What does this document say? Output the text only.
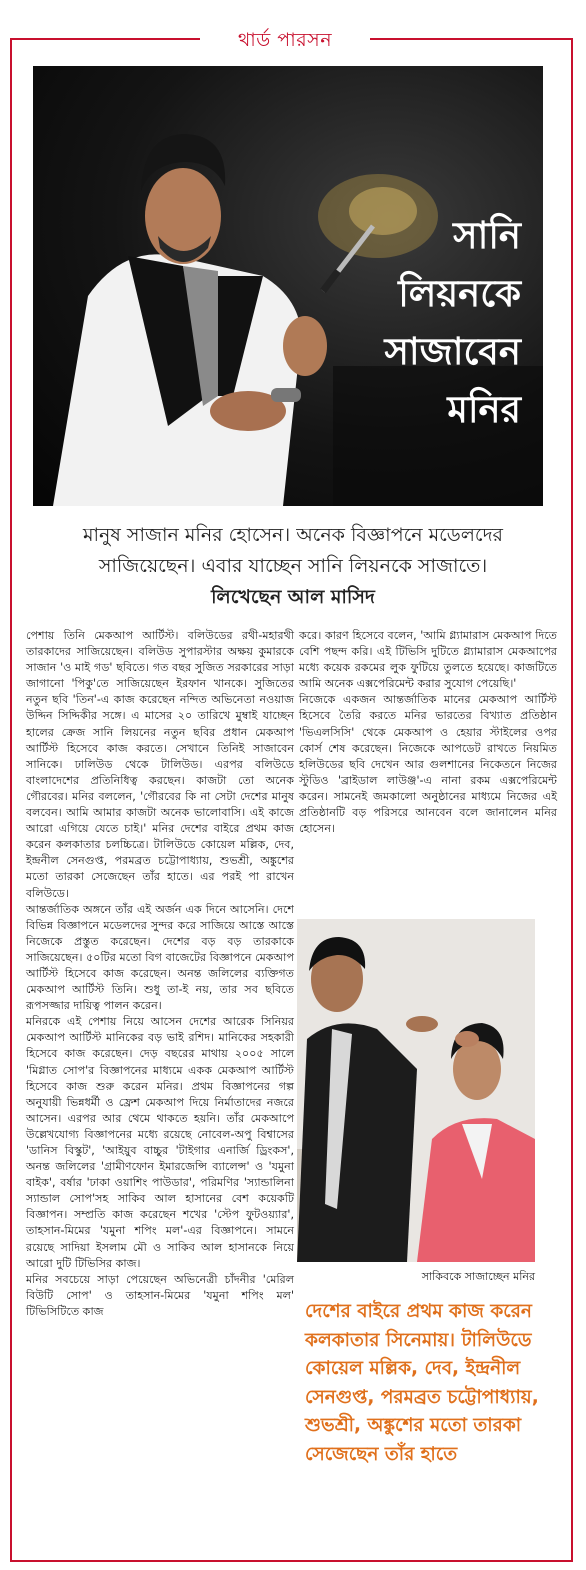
থার্ড পারসন
সানি
লিয়নকে
সাজাবেন
মনির
মানুষ সাজান মনির হোসেন। অনেক বিজ্ঞাপনে মডেলদের
সাজিয়েছেন। এবার যাচ্ছেন সানি লিয়নকে সাজাতে।
লিখেছেন আল মাসিদ

পেশায় তিনি মেকআপ আর্টিস্ট। বলিউডের রথী-মহারথী তারকাদের সাজিয়েছেন। বলিউড সুপারস্টার অক্ষয় কুমারকে সাজান 'ও মাই গড' ছবিতে। গত বছর সুজিত সরকারের সাড়া জাগানো 'পিকু'তে সাজিয়েছেন ইরফান খানকে। সুজিতের নতুন ছবি 'তিন'-এ কাজ করেছেন নন্দিত অভিনেতা নওয়াজ উদ্দিন সিদ্দিকীর সঙ্গে। এ মাসের ২০ তারিখে মুম্বাই যাচ্ছেন হালের ক্রেজ সানি লিয়নের নতুন ছবির প্রধান মেকআপ আর্টিস্ট হিসেবে কাজ করতে। সেখানে তিনিই সাজাবেন সানিকে। ঢালিউড থেকে টালিউড। এরপর বলিউডে বাংলাদেশের প্রতিনিধিত্ব করছেন। কাজটা তো অনেক গৌরবের। মনির বললেন, 'গৌরবের কি না সেটা দেশের মানুষ বলবেন। আমি আমার কাজটা অনেক ভালোবাসি। এই কাজে আরো এগিয়ে যেতে চাই।' মনির দেশের বাইরে প্রথম কাজ করেন কলকাতার চলচ্চিত্রে। টালিউডে কোয়েল মল্লিক, দেব, ইন্দ্রনীল সেনগুপ্ত, পরমব্রত চট্টোপাধ্যায়, শুভশ্রী, অঙ্কুশের মতো তারকা সেজেছেন তাঁর হাতে। এর পরই পা রাখেন বলিউডে।

আন্তর্জাতিক অঙ্গনে তাঁর এই অর্জন এক দিনে আসেনি। দেশে বিভিন্ন বিজ্ঞাপনে মডেলদের সুন্দর করে সাজিয়ে আস্তে আস্তে নিজেকে প্রস্তুত করেছেন। দেশের বড় বড় তারকাকে সাজিয়েছেন। ৫০টির মতো বিগ বাজেটের বিজ্ঞাপনে মেকআপ আর্টিস্ট হিসেবে কাজ করেছেন। অনন্ত জলিলের ব্যক্তিগত মেকআপ আর্টিস্ট তিনি। শুধু তা-ই নয়, তার সব ছবিতে রূপসজ্জার দায়িত্ব পালন করেন।

মনিরকে এই পেশায় নিয়ে আসেন দেশের আরেক সিনিয়র মেকআপ আর্টিস্ট মানিকের বড় ভাই রশিদ। মানিকের সহকারী হিসেবে কাজ করেছেন। দেড় বছরের মাথায় ২০০৫ সালে 'মিগ্লাত সোপ'র বিজ্ঞাপনের মাধ্যমে একক মেকআপ আর্টিস্ট হিসেবে কাজ শুরু করেন মনির। প্রথম বিজ্ঞাপনের গল্প অনুযায়ী ভিন্নধর্মী ও ফ্রেশ মেকআপ দিয়ে নির্মাতাদের নজরে আসেন। এরপর আর থেমে থাকতে হয়নি। তাঁর মেকআপে উল্লেখযোগ্য বিজ্ঞাপনের মধ্যে রয়েছে নোবেল-অপু বিশ্বাসের 'ডানিস বিস্কুট', 'আইয়ুব বাচ্চুর 'টাইগার এনার্জি ড্রিংকস', অনন্ত জলিলের 'গ্রামীণফোন ইমারজেন্সি ব্যালেন্স' ও 'যমুনা বাইক', বর্ষার 'ঢাকা ওয়াশিং পাউডার', পরিমণির 'স্যান্ডালিনা স্যান্ডাল সোপ'সহ সাকিব আল হাসানের বেশ কয়েকটি বিজ্ঞাপন। সম্প্রতি কাজ করেছেন শখের 'স্টেপ ফুটওয়্যার', তাহসান-মিমের 'যমুনা শপিং মল'-এর বিজ্ঞাপনে। সামনে রয়েছে সাদিয়া ইসলাম মৌ ও সাকিব আল হাসানকে নিয়ে আরো দুটি টিভিসির কাজ।

মনির সবচেয়ে সাড়া পেয়েছেন অভিনেত্রী চাঁদনীর 'মেরিল বিউটি সোপ' ও তাহসান-মিমের 'যমুনা শপিং মল' টিভিসিটিতে কাজ

করে। কারণ হিসেবে বলেন, 'আমি গ্ল্যামারাস মেকআপ দিতে বেশি পছন্দ করি। এই টিভিসি দুটিতে গ্ল্যামারাস মেকআপের মধ্যে কয়েক রকমের লুক ফুটিয়ে তুলতে হয়েছে। কাজটিতে আমি অনেক এক্সপেরিমেন্ট করার সুযোগ পেয়েছি।'

নিজেকে একজন আন্তর্জাতিক মানের মেকআপ আর্টিস্ট হিসেবে তৈরি করতে মনির ভারতের বিখ্যাত প্রতিষ্ঠান 'ভিএলসিসি' থেকে মেকআপ ও হেয়ার স্টাইলের ওপর কোর্স শেষ করেছেন। নিজেকে আপডেট রাখতে নিয়মিত হলিউডের ছবি দেখেন আর গুলশানের নিকেতনে নিজের স্টুডিও 'ব্রাইডাল লাউঞ্জ'-এ নানা রকম এক্সপেরিমেন্ট করেন। সামনেই জমকালো অনুষ্ঠানের মাধ্যমে নিজের এই প্রতিষ্ঠানটি বড় পরিসরে আনবেন বলে জানালেন মনির হোসেন।

সাকিবকে সাজাচ্ছেন মনির
দেশের বাইরে প্রথম কাজ করেন কলকাতার সিনেমায়। টালিউডে কোয়েল মল্লিক, দেব, ইন্দ্রনীল সেনগুপ্ত, পরমব্রত চট্টোপাধ্যায়, শুভশ্রী, অঙ্কুশের মতো তারকা সেজেছেন তাঁর হাতে
